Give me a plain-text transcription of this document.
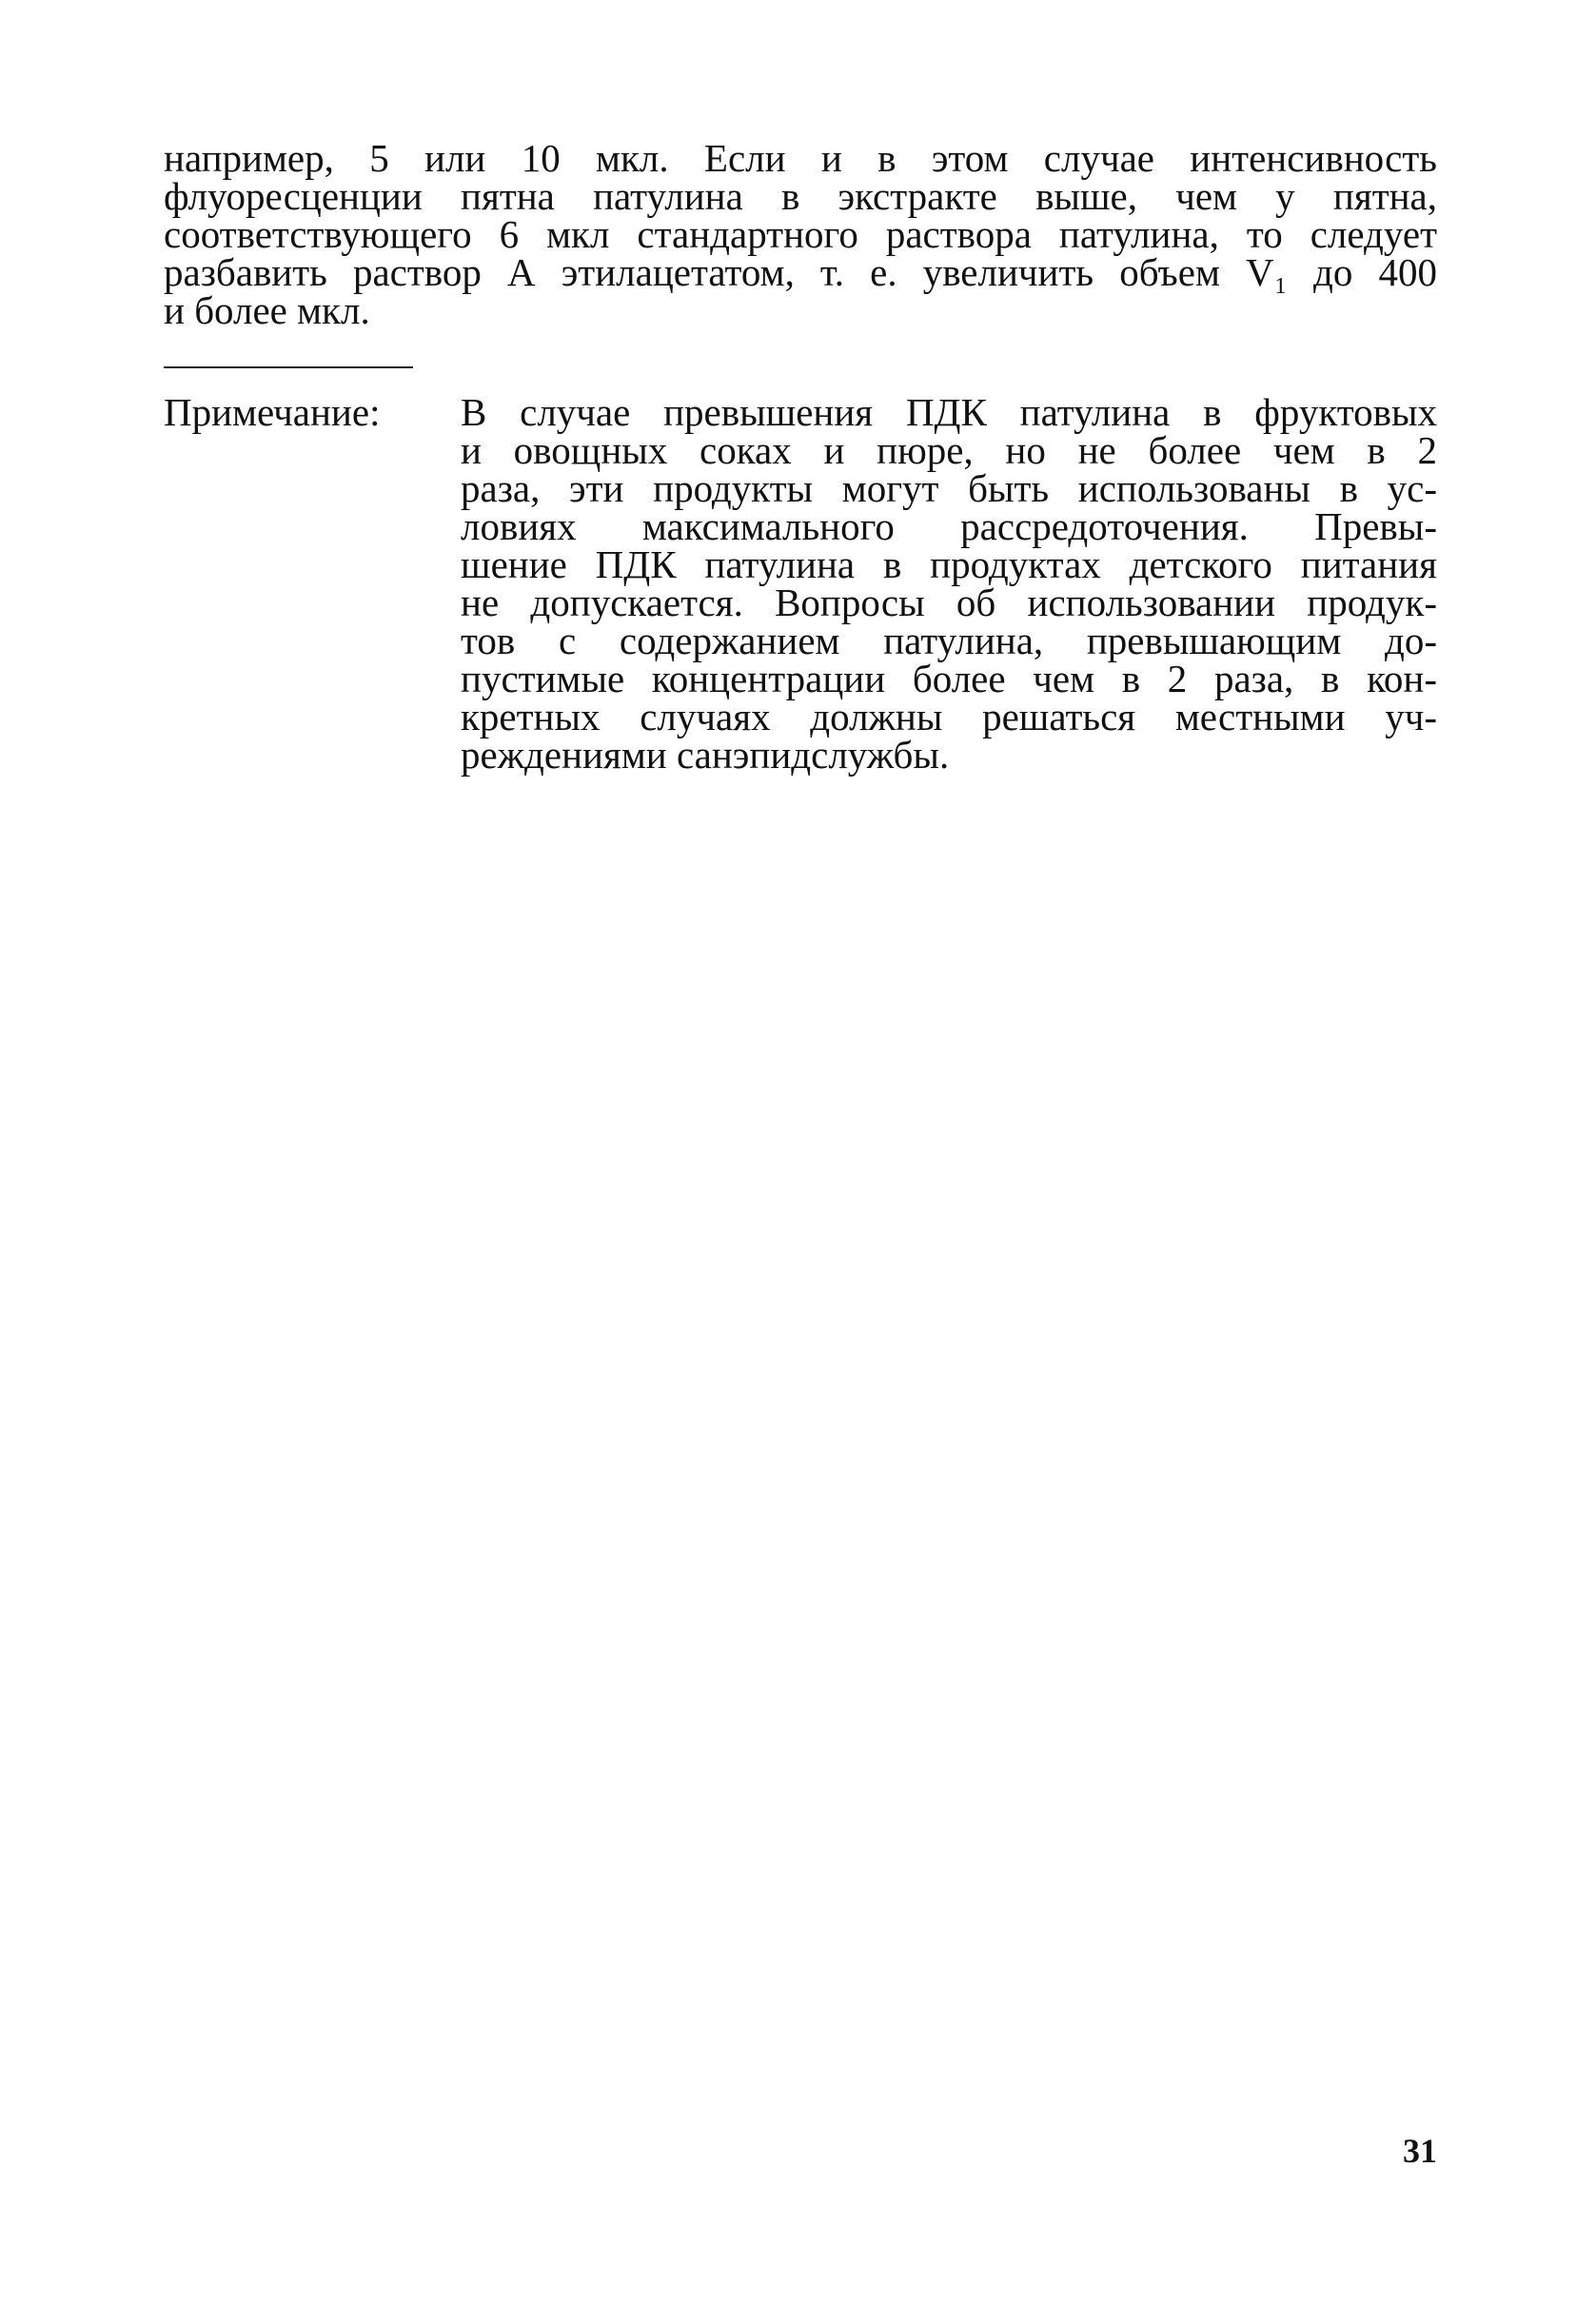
например, 5 или 10 мкл. Если и в этом случае интенсивность
флуоресценции пятна патулина в экстракте выше, чем у пятна,
соответствующего 6 мкл стандартного раствора патулина, то следует
разбавить раствор А этилацетатом, т. е. увеличить объем V₁ до 400
и более мкл.
Примечание: В случае превышения ПДК патулина в фруктовых
и овощных соках и пюре, но не более чем в 2
раза, эти продукты могут быть использованы в ус-
ловиях максимального рассредоточения. Превы-
шение ПДК патулина в продуктах детского питания
не допускается. Вопросы об использовании продук-
тов с содержанием патулина, превышающим до-
пустимые концентрации более чем в 2 раза, в кон-
кретных случаях должны решаться местными уч-
реждениями санэпидслужбы.
31
